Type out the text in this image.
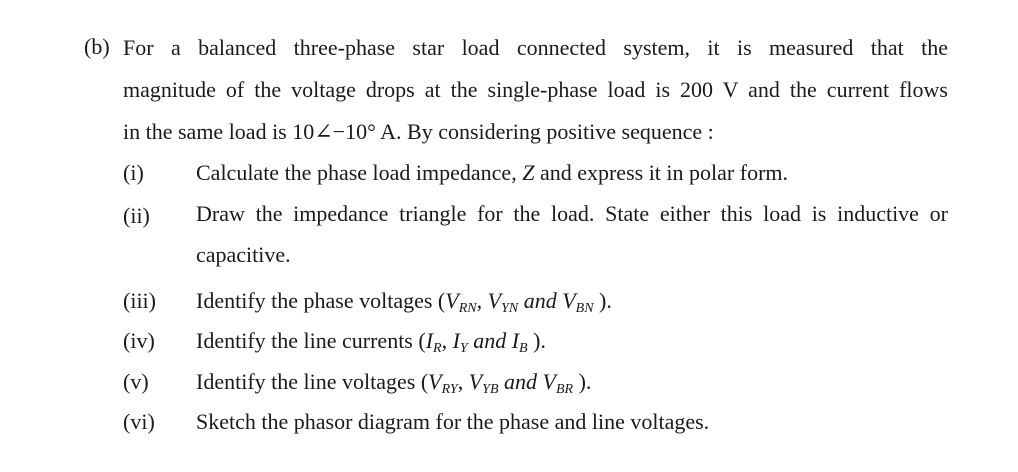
(b) For a balanced three-phase star load connected system, it is measured that the
magnitude of the voltage drops at the single-phase load is 200 V and the current flows
in the same load is 10∠−10° A. By considering positive sequence :
(i) Calculate the phase load impedance, Z and express it in polar form.
(ii) Draw the impedance triangle for the load. State either this load is inductive or
capacitive.
(iii) Identify the phase voltages ($V_{RN}$, $V_{YN}$ and $V_{BN}$ ).
(iv) Identify the line currents ($I_R$, $I_Y$ and $I_B$ ).
(v) Identify the line voltages ($V_{RY}$, $V_{YB}$ and $V_{BR}$ ).
(vi) Sketch the phasor diagram for the phase and line voltages.
